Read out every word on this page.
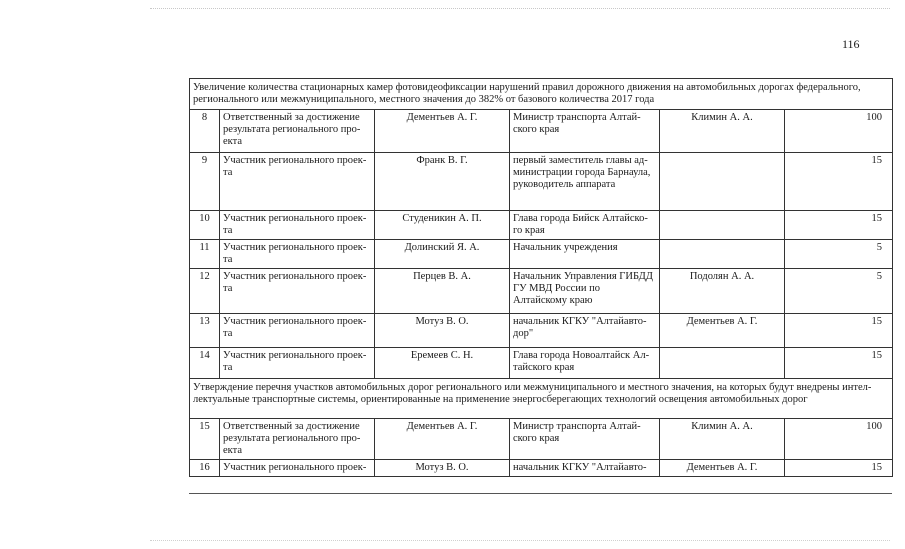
116
Увеличение количества стационарных камер фотовидеофиксации нарушений правил дорожного движения на автомобильных дорогах федерального, регионального или межмуниципального, местного значения до 382% от базового количества 2017 года					
8	Ответственный за достижение результата регионального про-екта	Дементьев А. Г.	Министр транспорта Алтай-ского края	Климин А. А.	100
9	Участник регионального проек-та	Франк В. Г.	первый заместитель главы ад-министрации города Барнаула, руководитель аппарата		15
10	Участник регионального проек-та	Студеникин А. П.	Глава города Бийск Алтайско-го края		15
11	Участник регионального проек-та	Долинский Я. А.	Начальник учреждения		5
12	Участник регионального проек-та	Перцев В. А.	Начальник Управления ГИБДД ГУ МВД России по Алтайскому краю	Подолян А. А.	5
13	Участник регионального проек-та	Мотуз В. О.	начальник КГКУ "Алтайавто-дор"	Дементьев А. Г.	15
14	Участник регионального проек-та	Еремеев С. Н.	Глава города Новоалтайск Ал-тайского края		15
Утверждение перечня участков автомобильных дорог регионального или межмуниципального и местного значения, на которых будут внедрены интел-лектуальные транспортные системы, ориентированные на применение энергосберегающих технологий освещения автомобильных дорог					
15	Ответственный за достижение результата регионального про-екта	Дементьев А. Г.	Министр транспорта Алтай-ского края	Климин А. А.	100
16	Участник регионального проек-	Мотуз В. О.	начальник КГКУ "Алтайавто-	Дементьев А. Г.	15
